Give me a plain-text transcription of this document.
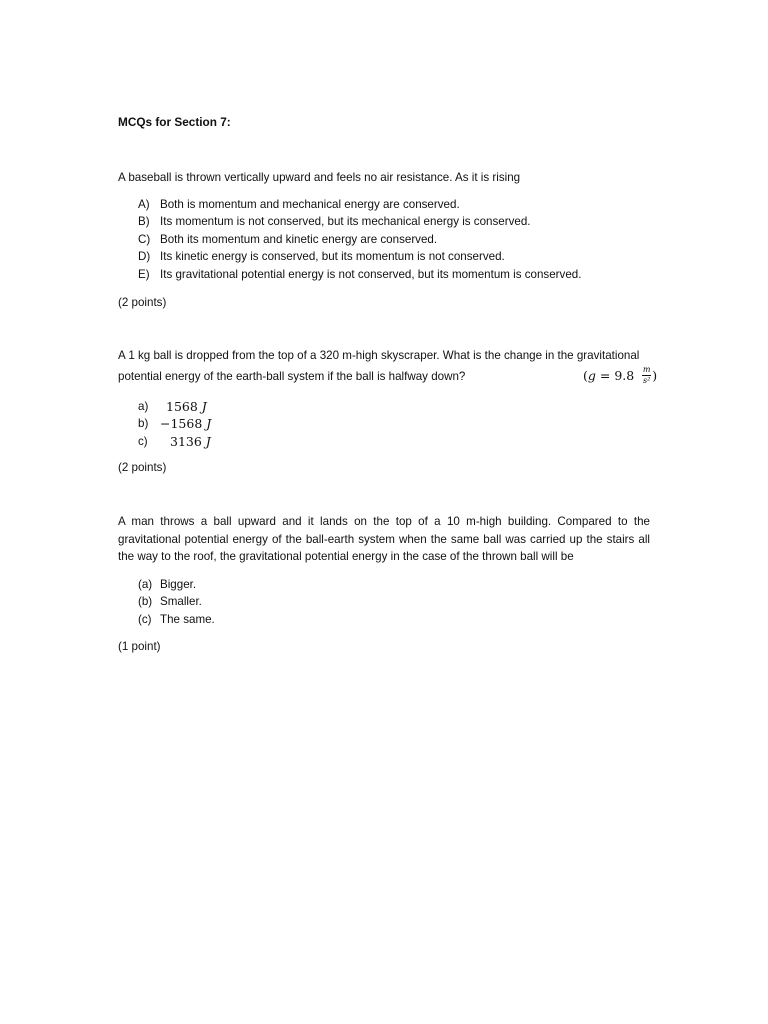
MCQs for Section 7:
A baseball is thrown vertically upward and feels no air resistance. As it is rising
A) Both is momentum and mechanical energy are conserved.
B) Its momentum is not conserved, but its mechanical energy is conserved.
C) Both its momentum and kinetic energy are conserved.
D) Its kinetic energy is conserved, but its momentum is not conserved.
E) Its gravitational potential energy is not conserved, but its momentum is conserved.
(2 points)
A 1 kg ball is dropped from the top of a 320 m-high skyscraper. What is the change in the gravitational
potential energy of the earth-ball system if the ball is halfway down?	( $g = 9.8 \frac{m}{\text{s²}}$ )
a)	1568 J
b) −1568 J
c)	3136 J
(2 points)
A man throws a ball upward and it lands on the top of a 10 m-high building. Compared to the gravitational potential energy of the ball-earth system when the same ball was carried up the stairs all the way to the roof, the gravitational potential energy in the case of the thrown ball will be
(a) Bigger.
(b) Smaller.
(c) The same.
(1 point)
